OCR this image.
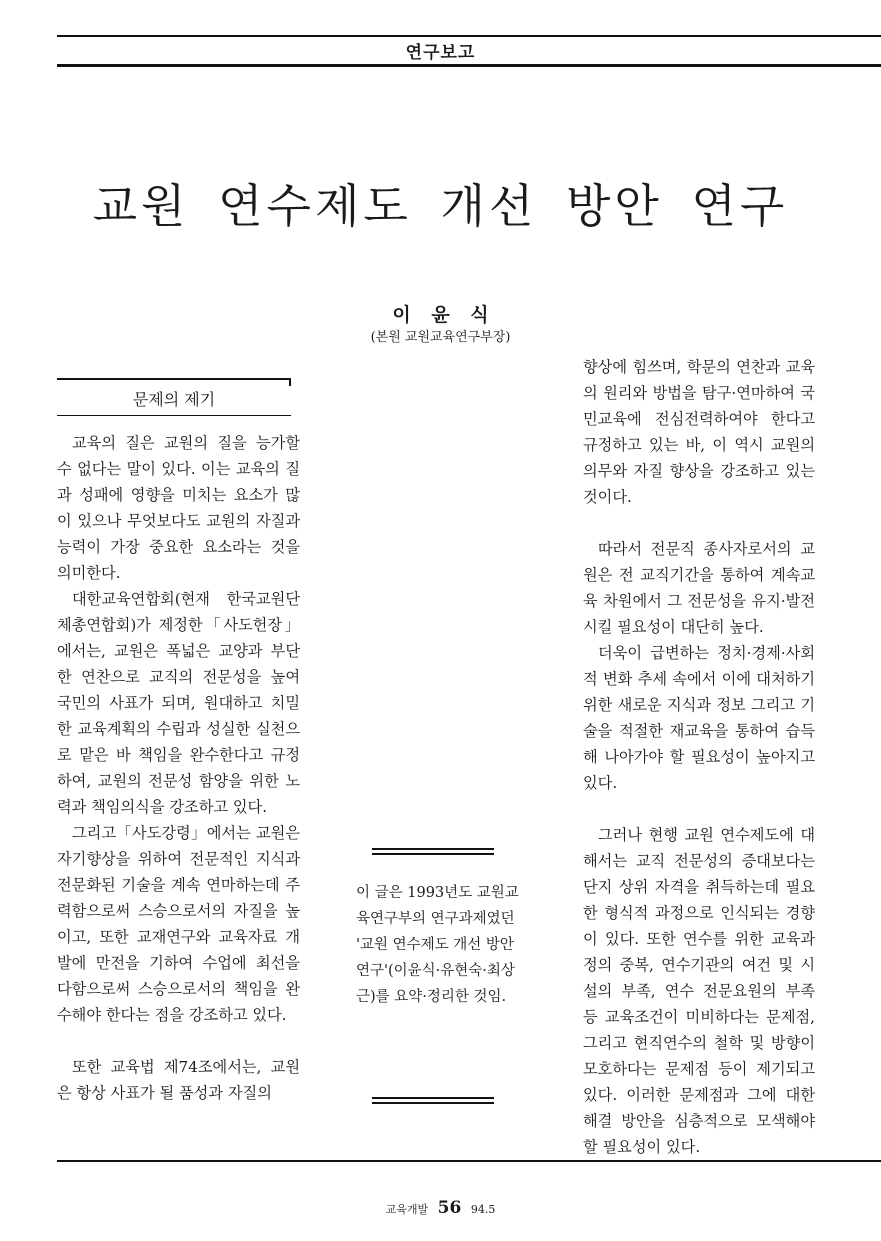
연구보고
교원 연수제도 개선 방안 연구
이 윤 식
(본원 교원교육연구부장)
문제의 제기

교육의 질은 교원의 질을 능가할 수 없다는 말이 있다. 이는 교육의 질과 성패에 영향을 미치는 요소가 많이 있으나 무엇보다도 교원의 자질과 능력이 가장 중요한 요소라는 것을 의미한다.

대한교육연합회(현재 한국교원단체총연합회)가 제정한「사도헌장」에서는, 교원은 폭넓은 교양과 부단한 연찬으로 교직의 전문성을 높여 국민의 사표가 되며, 원대하고 치밀한 교육계획의 수립과 성실한 실천으로 맡은 바 책임을 완수한다고 규정하여, 교원의 전문성 함양을 위한 노력과 책임의식을 강조하고 있다.

그리고「사도강령」에서는 교원은 자기향상을 위하여 전문적인 지식과 전문화된 기술을 계속 연마하는데 주력함으로써 스승으로서의 자질을 높이고, 또한 교재연구와 교육자료 개발에 만전을 기하여 수업에 최선을 다함으로써 스승으로서의 책임을 완수해야 한다는 점을 강조하고 있다.

또한 교육법 제74조에서는, 교원은 항상 사표가 될 품성과 자질의

이 글은 1993년도 교원교육연구부의 연구과제였던 '교원 연수제도 개선 방안 연구'(이윤식·유현숙·최상근)를 요약·정리한 것임.

향상에 힘쓰며, 학문의 연찬과 교육의 원리와 방법을 탐구·연마하여 국민교육에 전심전력하여야 한다고 규정하고 있는 바, 이 역시 교원의 의무와 자질 향상을 강조하고 있는 것이다.

따라서 전문직 종사자로서의 교원은 전 교직기간을 통하여 계속교육 차원에서 그 전문성을 유지·발전시킬 필요성이 대단히 높다.

더욱이 급변하는 정치·경제·사회적 변화 추세 속에서 이에 대처하기 위한 새로운 지식과 정보 그리고 기술을 적절한 재교육을 통하여 습득해 나아가야 할 필요성이 높아지고 있다.

그러나 현행 교원 연수제도에 대해서는 교직 전문성의 증대보다는 단지 상위 자격을 취득하는데 필요한 형식적 과정으로 인식되는 경향이 있다. 또한 연수를 위한 교육과정의 중복, 연수기관의 여건 및 시설의 부족, 연수 전문요원의 부족 등 교육조건이 미비하다는 문제점, 그리고 현직연수의 철학 및 방향이 모호하다는 문제점 등이 제기되고 있다. 이러한 문제점과 그에 대한 해결 방안을 심층적으로 모색해야 할 필요성이 있다.

교육개발 56 94.5
